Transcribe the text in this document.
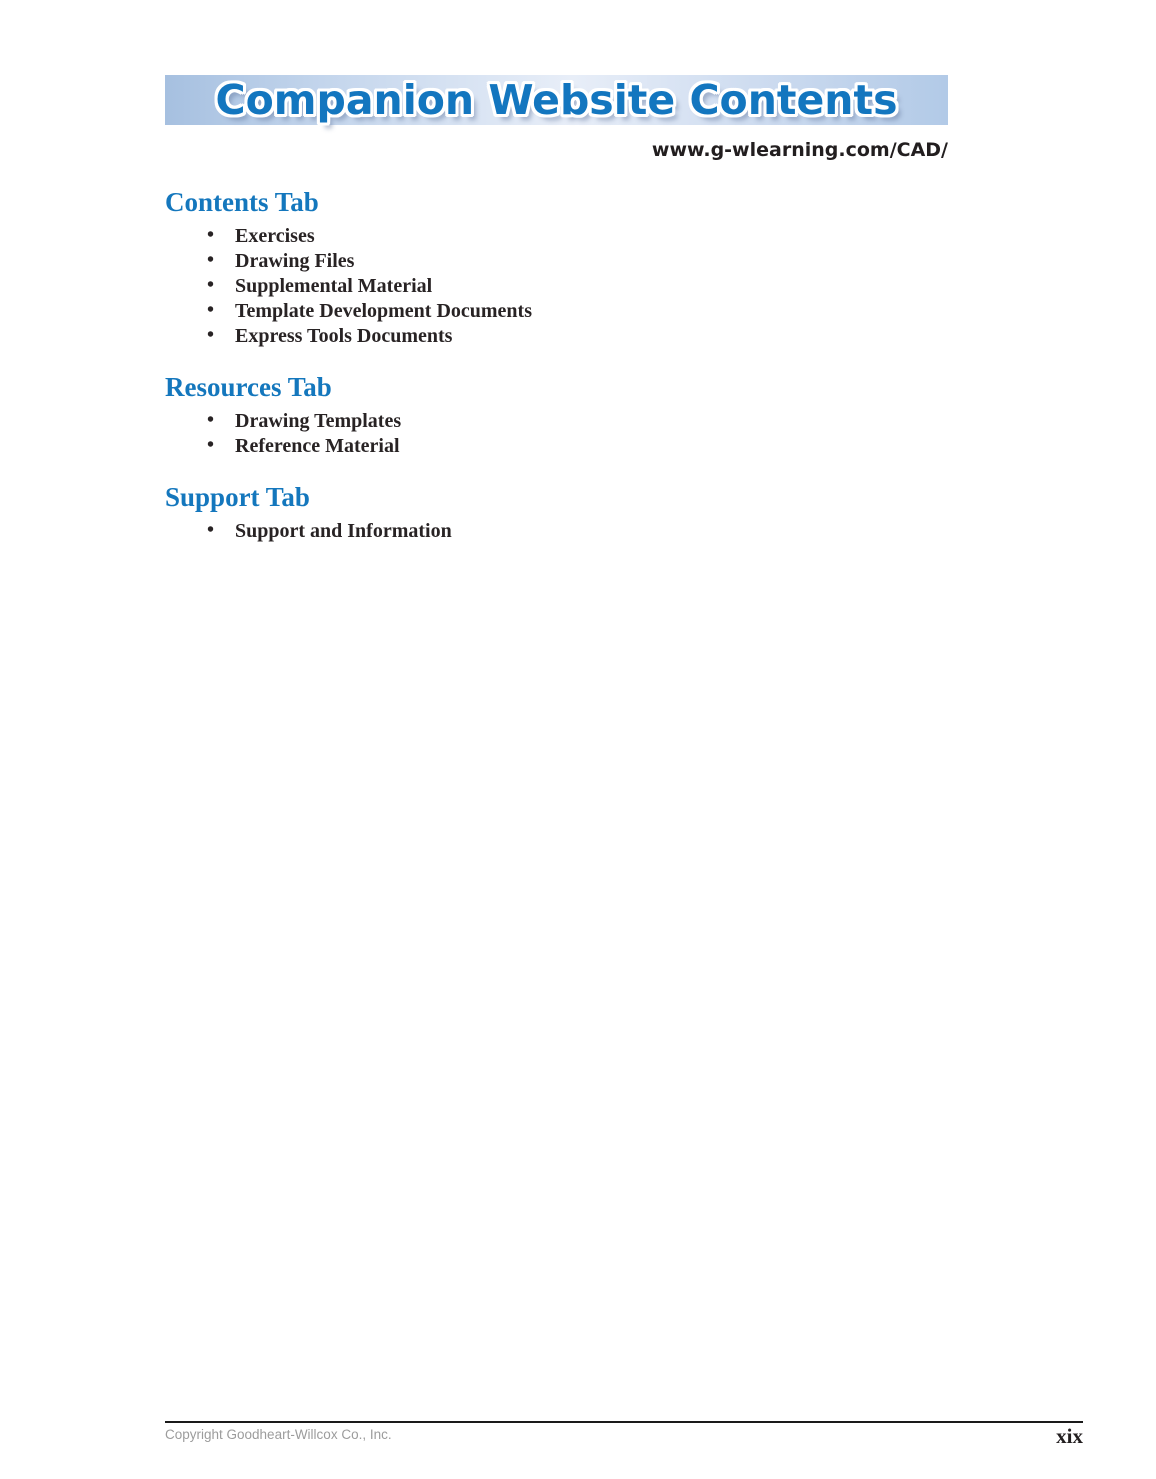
Companion Website Contents
www.g-wlearning.com/CAD/
Contents Tab
• Exercises
• Drawing Files
• Supplemental Material
• Template Development Documents
• Express Tools Documents
Resources Tab
• Drawing Templates
• Reference Material
Support Tab
• Support and Information
Copyright Goodheart-Willcox Co., Inc.	xix
